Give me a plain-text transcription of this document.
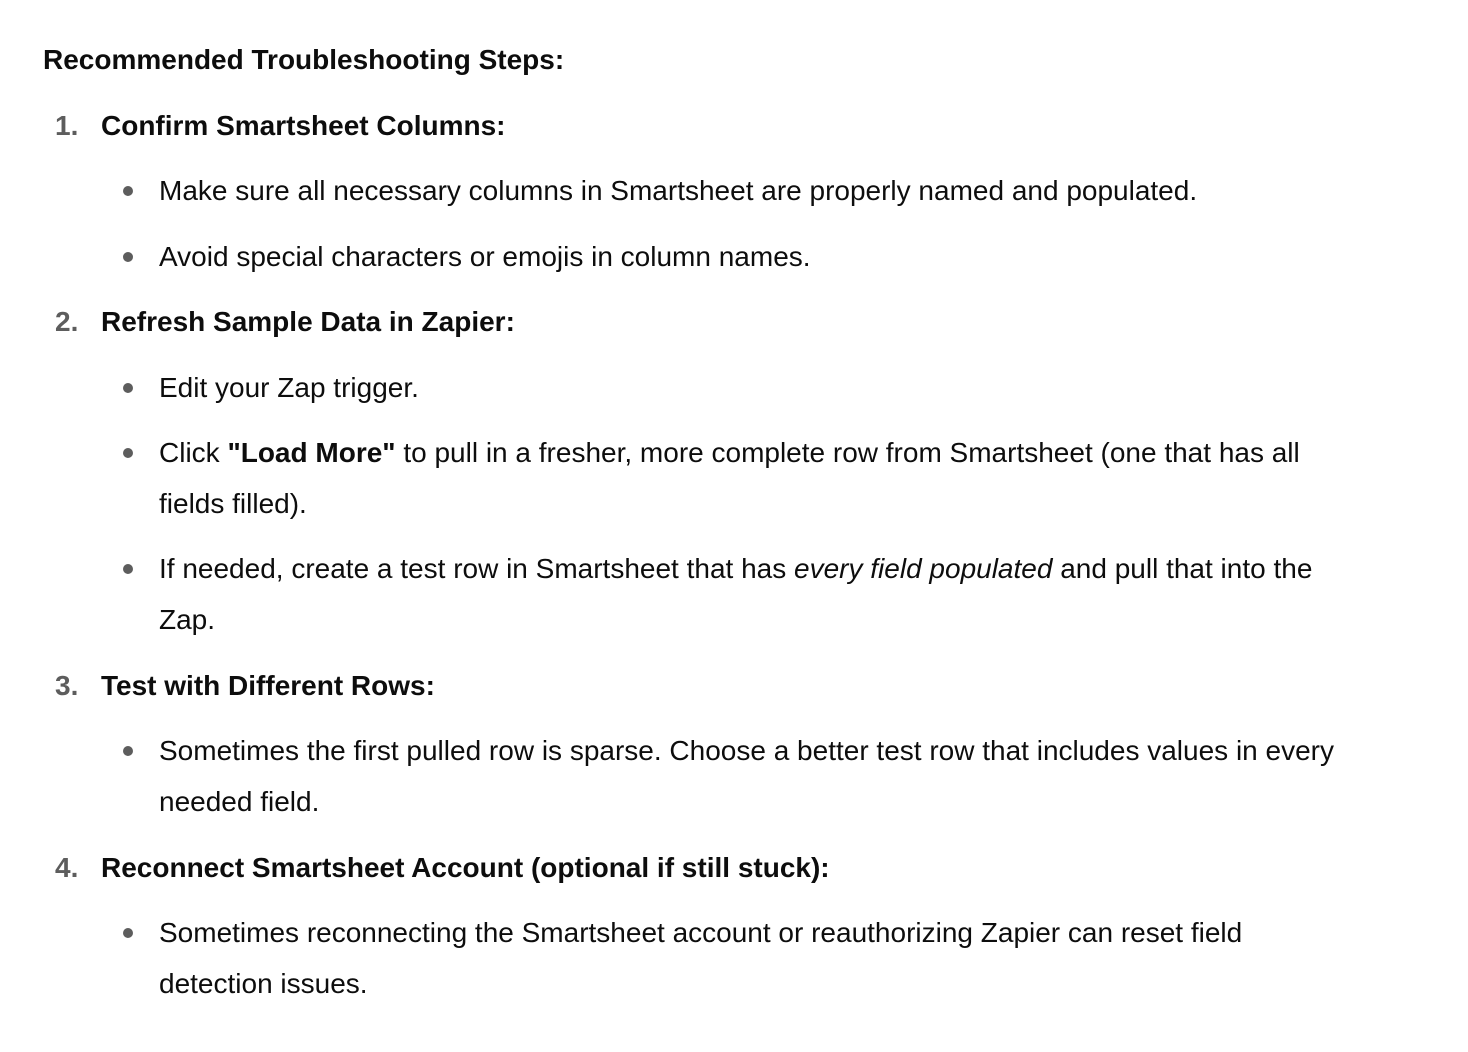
Recommended Troubleshooting Steps:
1. Confirm Smartsheet Columns:
Make sure all necessary columns in Smartsheet are properly named and populated.
Avoid special characters or emojis in column names.
2. Refresh Sample Data in Zapier:
Edit your Zap trigger.
Click "Load More" to pull in a fresher, more complete row from Smartsheet (one that has all
fields filled).
If needed, create a test row in Smartsheet that has every field populated and pull that into the
Zap.
3. Test with Different Rows:
Sometimes the first pulled row is sparse. Choose a better test row that includes values in every
needed field.
4. Reconnect Smartsheet Account (optional if still stuck):
Sometimes reconnecting the Smartsheet account or reauthorizing Zapier can reset field
detection issues.
